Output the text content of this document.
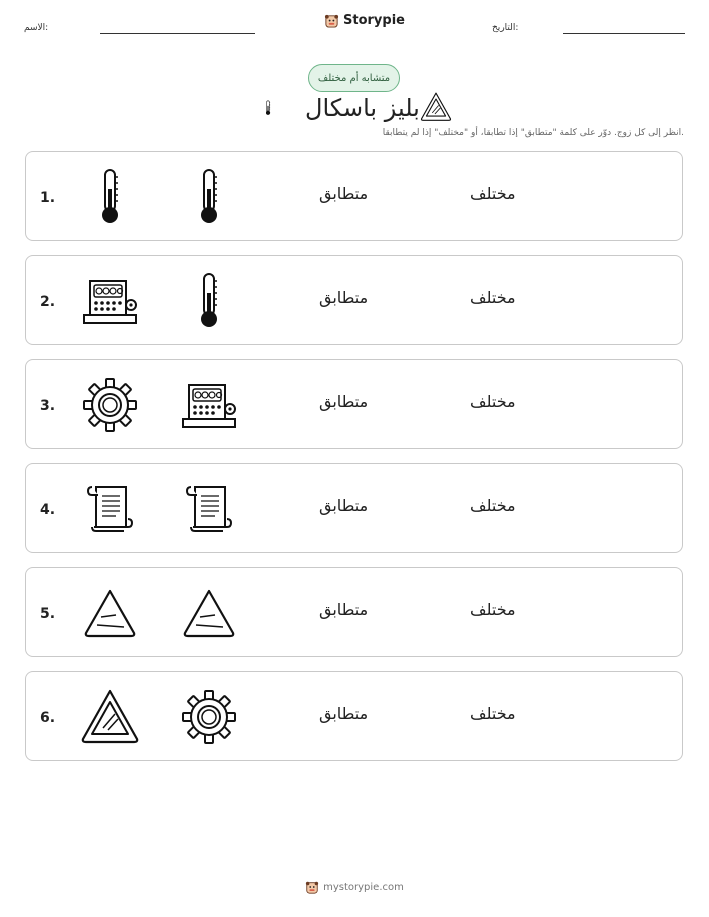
الاسم:	Storypie	التاريخ:
متشابه أم مختلف
بليز باسكال
انظر إلى كل زوج. دوّر على كلمة "متطابق" إذا تطابقا، أو "مختلف" إذا لم يتطابقا.
1.	متطابق	مختلف
2.	متطابق	مختلف
3.	متطابق	مختلف
4.	متطابق	مختلف
5.	متطابق	مختلف
6.	متطابق	مختلف
mystorypie.com
